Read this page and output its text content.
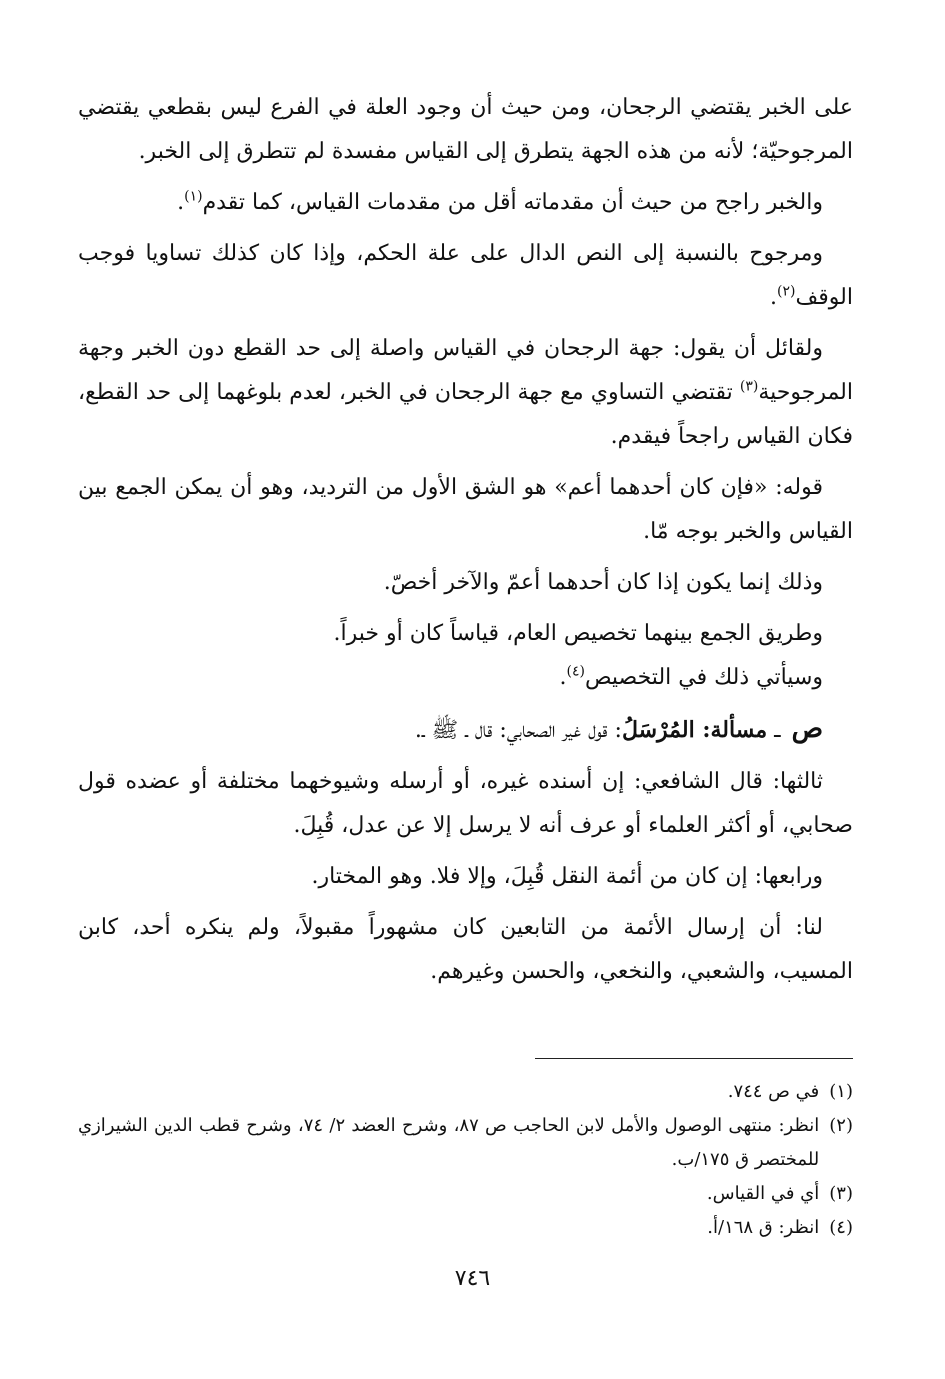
على الخبر يقتضي الرجحان، ومن حيث أن وجود العلة في الفرع ليس بقطعي يقتضي المرجوحيّة؛ لأنه من هذه الجهة يتطرق إلى القياس مفسدة لم تتطرق إلى الخبر.

والخبر راجح من حيث أن مقدماته أقل من مقدمات القياس، كما تقدم$^{(١)}$.

ومرجوح بالنسبة إلى النص الدال على علة الحكم، وإذا كان كذلك تساويا فوجب الوقف$^{(٢)}$.

ولقائل أن يقول: جهة الرجحان في القياس واصلة إلى حد القطع دون الخبر وجهة المرجوحية$^{(٣)}$ تقتضي التساوي مع جهة الرجحان في الخبر، لعدم بلوغهما إلى حد القطع، فكان القياس راجحاً فيقدم.

قوله: «فإن كان أحدهما أعم» هو الشق الأول من الترديد، وهو أن يمكن الجمع بين القياس والخبر بوجه مّا.

وذلك إنما يكون إذا كان أحدهما أعمّ والآخر أخصّ.

وطريق الجمع بينهما تخصيص العام، قياساً كان أو خبراً.

وسيأتي ذلك في التخصيص$^{(٤)}$.

ص ـ مسألة: المُرْسَلُ: قول غير الصحابي: قال ـ ﷺ ـ.

ثالثها: قال الشافعي: إن أسنده غيره، أو أرسله وشيوخهما مختلفة أو عضده قول صحابي، أو أكثر العلماء أو عرف أنه لا يرسل إلا عن عدل، قُبِلَ.

ورابعها: إن كان من أئمة النقل قُبِلَ، وإلا فلا. وهو المختار.

لنا: أن إرسال الأئمة من التابعين كان مشهوراً مقبولاً، ولم ينكره أحد، كابن المسيب، والشعبي، والنخعي، والحسن وغيرهم.

(١)
في ص ٧٤٤.
(٢)
انظر: منتهى الوصول والأمل لابن الحاجب ص ٨٧، وشرح العضد ٢/ ٧٤، وشرح قطب الدين الشيرازي للمختصر ق ١٧٥/ب.
(٣)
أي في القياس.
(٤)
انظر: ق ١٦٨/أ.
٧٤٦
